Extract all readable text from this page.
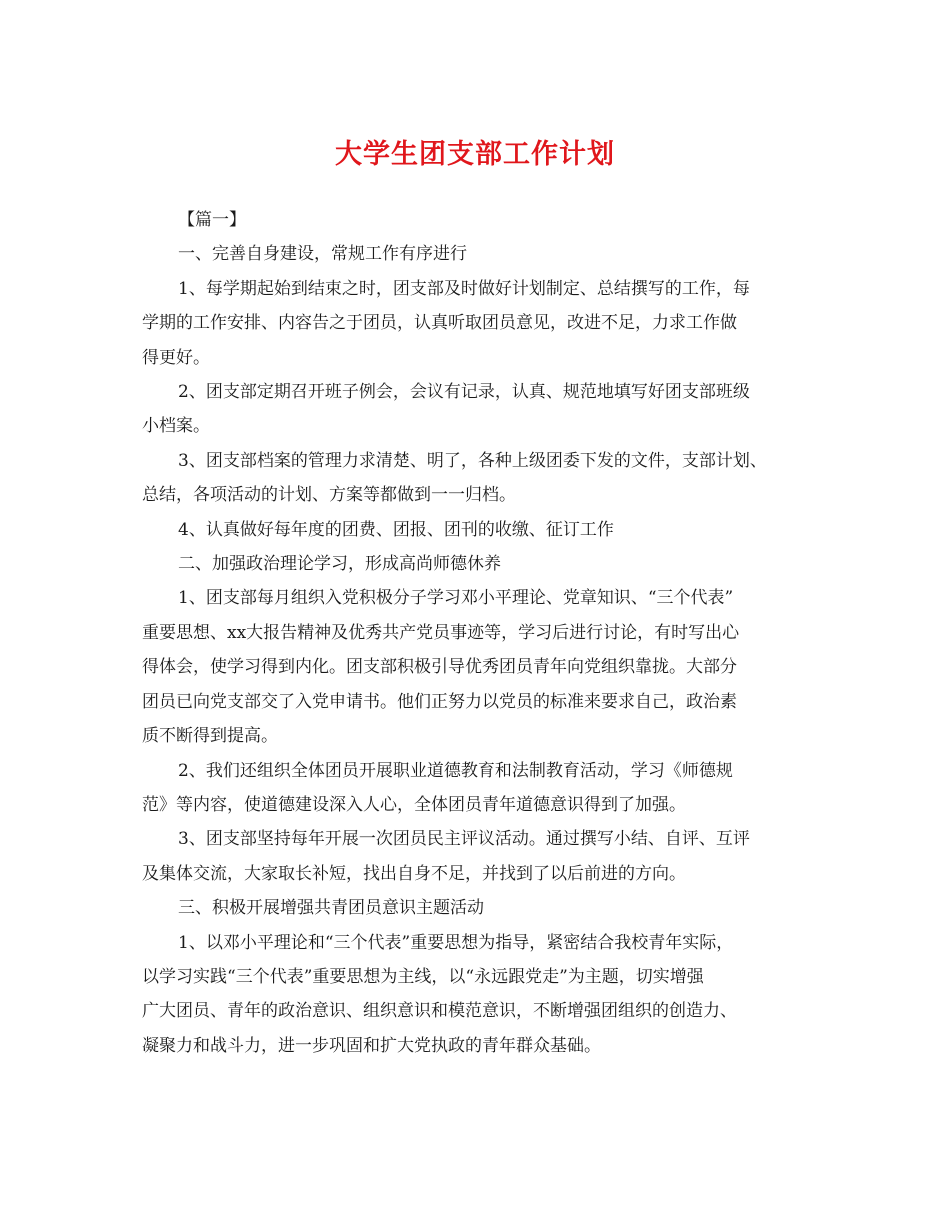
大学生团支部工作计划
【篇一】
一、完善自身建设，常规工作有序进行
1、每学期起始到结束之时，团支部及时做好计划制定、总结撰写的工作，每
学期的工作安排、内容告之于团员，认真听取团员意见，改进不足，力求工作做
得更好。
2、团支部定期召开班子例会，会议有记录，认真、规范地填写好团支部班级
小档案。
3、团支部档案的管理力求清楚、明了，各种上级团委下发的文件，支部计划、
总结，各项活动的计划、方案等都做到一一归档。
4、认真做好每年度的团费、团报、团刊的收缴、征订工作
二、加强政治理论学习，形成高尚师德休养
1、团支部每月组织入党积极分子学习邓小平理论、党章知识、“三个代表”
重要思想、xx大报告精神及优秀共产党员事迹等，学习后进行讨论，有时写出心
得体会，使学习得到内化。团支部积极引导优秀团员青年向党组织靠拢。大部分
团员已向党支部交了入党申请书。他们正努力以党员的标准来要求自己，政治素
质不断得到提高。
2、我们还组织全体团员开展职业道德教育和法制教育活动，学习《师德规
范》等内容，使道德建设深入人心，全体团员青年道德意识得到了加强。
3、团支部坚持每年开展一次团员民主评议活动。通过撰写小结、自评、互评
及集体交流，大家取长补短，找出自身不足，并找到了以后前进的方向。
三、积极开展增强共青团员意识主题活动
1、以邓小平理论和“三个代表”重要思想为指导，紧密结合我校青年实际，
以学习实践“三个代表”重要思想为主线，以“永远跟党走”为主题，切实增强
广大团员、青年的政治意识、组织意识和模范意识，不断增强团组织的创造力、
凝聚力和战斗力，进一步巩固和扩大党执政的青年群众基础。
